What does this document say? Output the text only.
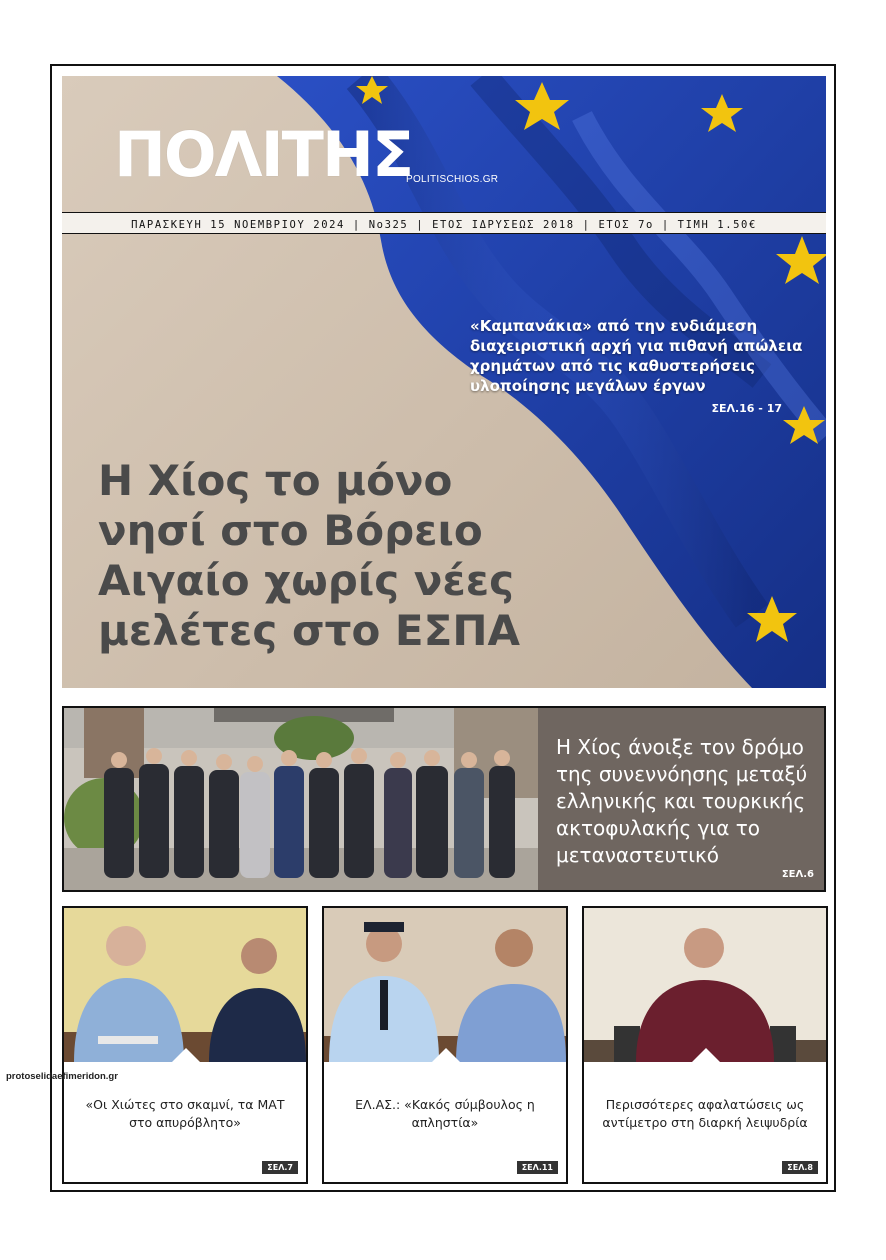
ΠΟΛΙΤΗΣ
POLITISCHIOS.GR
ΠΑΡΑΣΚΕΥΗ 15 ΝΟΕΜΒΡΙΟΥ 2024 | Νο325 | ΕΤΟΣ ΙΔΡΥΣΕΩΣ 2018 | ΕΤΟΣ 7ο | ΤΙΜΗ 1.50€
«Καμπανάκια» από την ενδιάμεση διαχειριστική αρχή για πιθανή απώλεια χρημάτων από τις καθυστερήσεις υλοποίησης μεγάλων έργων
ΣΕΛ.16 - 17
Η Χίος το μόνο
νησί στο Βόρειο
Αιγαίο χωρίς νέες
μελέτες στο ΕΣΠΑ
Η Χίος άνοιξε τον δρόμο της συνεννόησης μεταξύ ελληνικής και τουρκικής ακτοφυλακής για το μεταναστευτικό
ΣΕΛ.6
«Οι Χιώτες στο σκαμνί, τα ΜΑΤ στο απυρόβλητο»
ΣΕΛ.7
ΕΛ.ΑΣ.: «Κακός σύμβουλος η απληστία»
ΣΕΛ.11
Περισσότερες αφαλατώσεις ως αντίμετρο στη διαρκή λειψυδρία
ΣΕΛ.8
protoselidaefimeridon.gr
